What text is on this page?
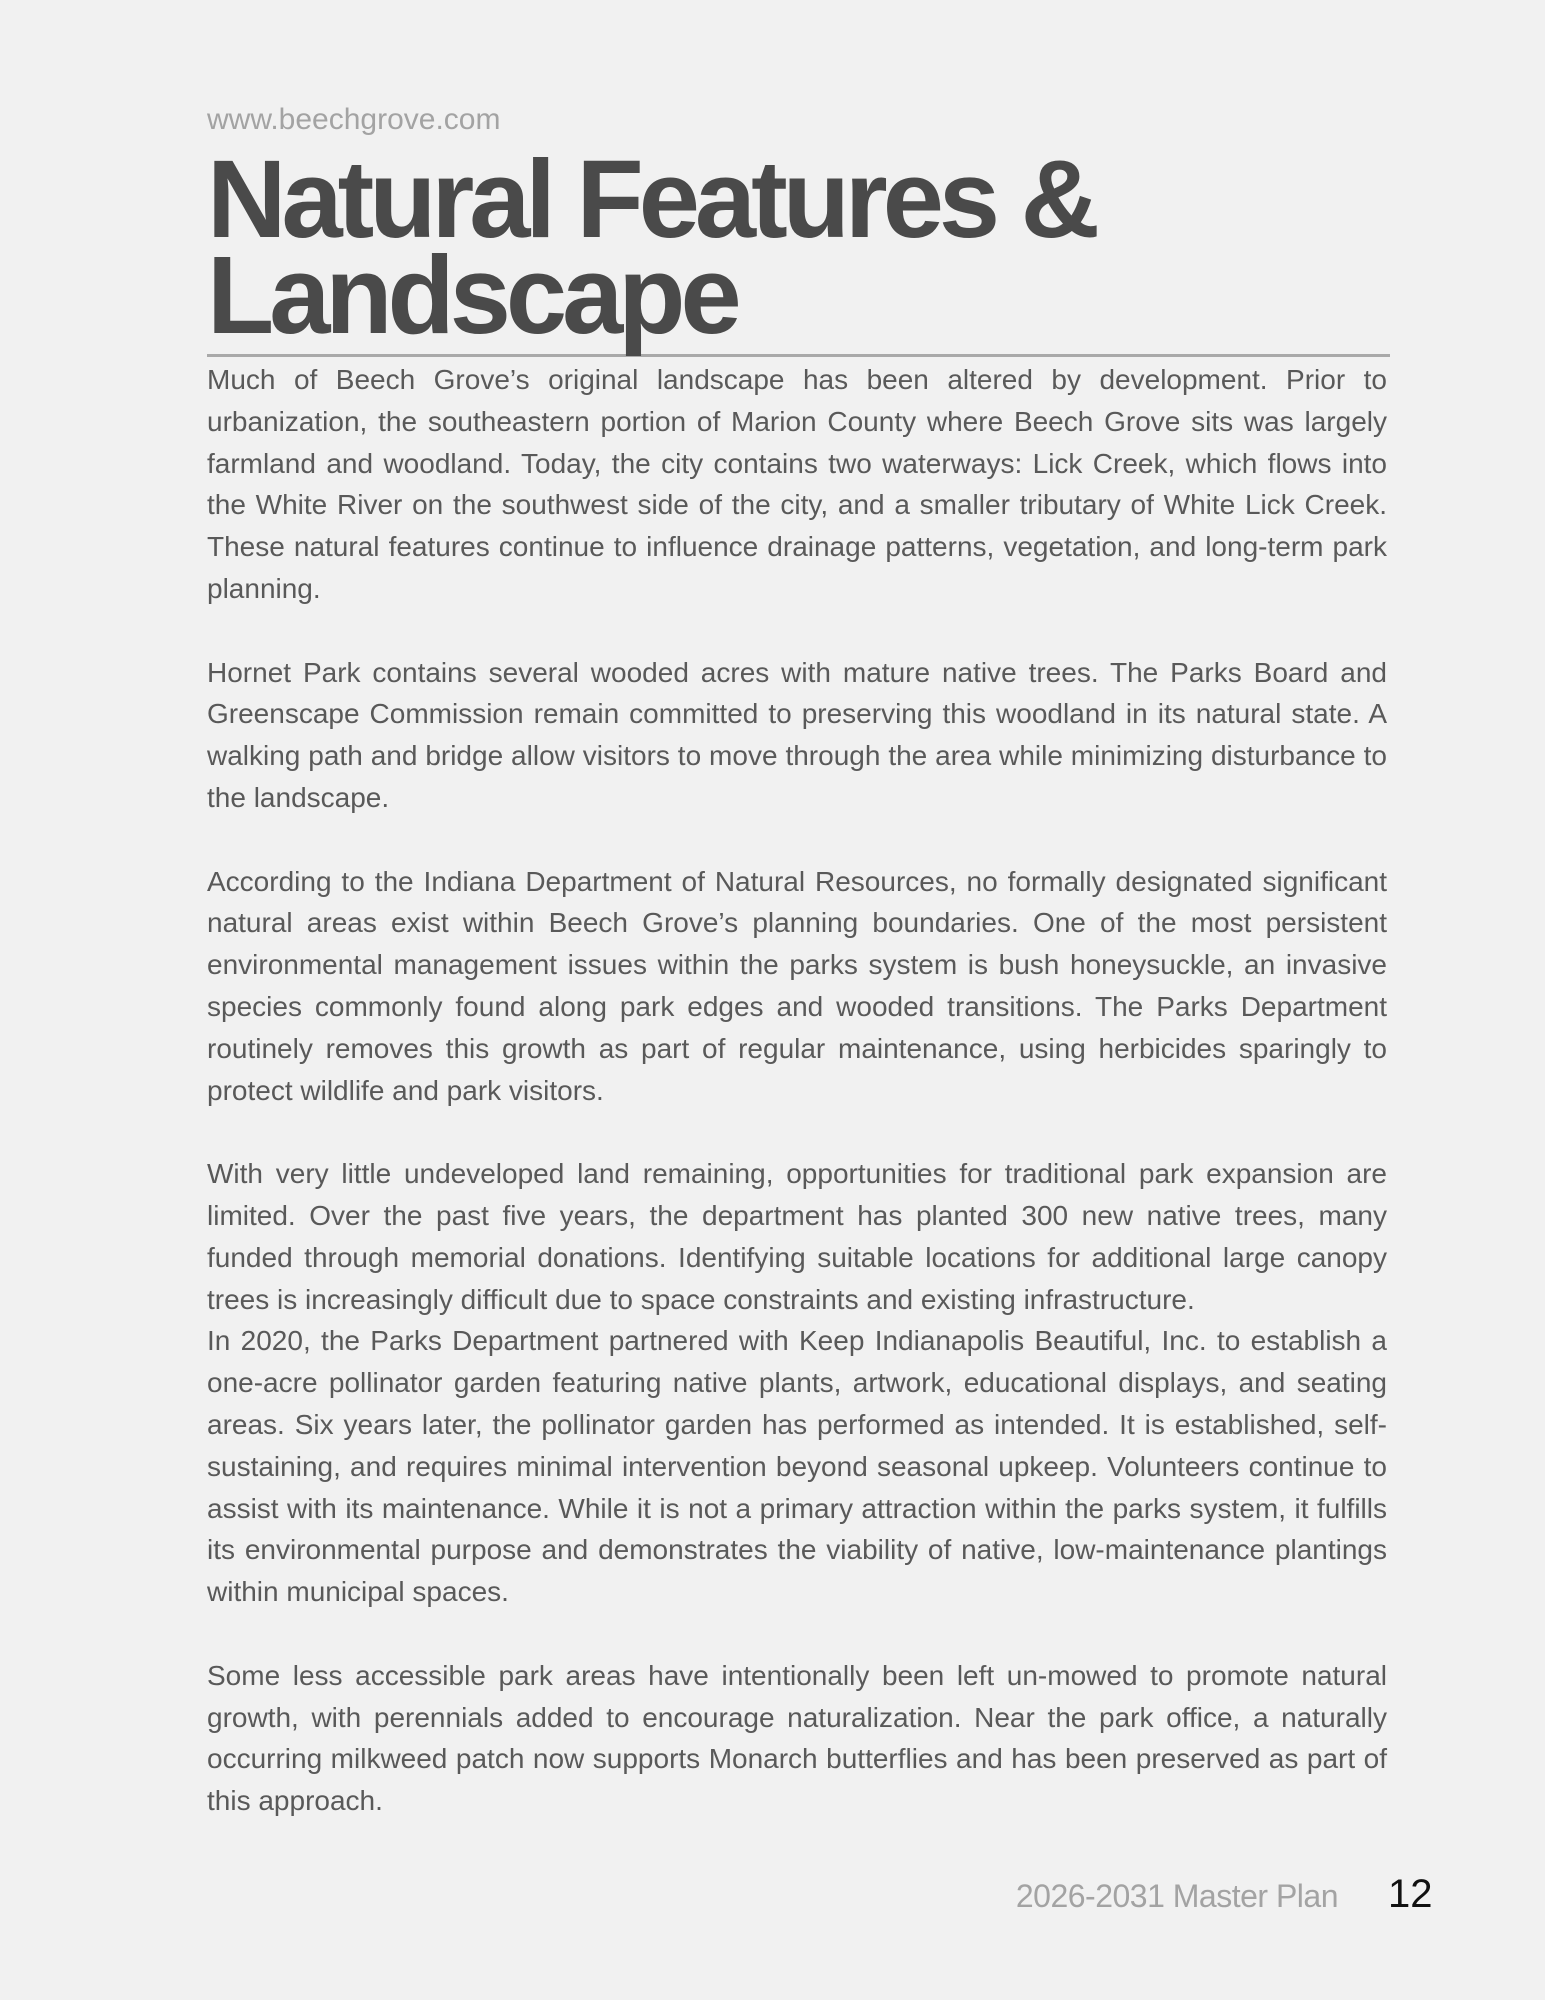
www.beechgrove.com

Natural Features &
Landscape

Much of Beech Grove’s original landscape has been altered by development. Prior to urbanization, the southeastern portion of Marion County where Beech Grove sits was largely farmland and woodland. Today, the city contains two waterways: Lick Creek, which flows into the White River on the southwest side of the city, and a smaller tributary of White Lick Creek. These natural features continue to influence drainage patterns, vegetation, and long-term park planning.

Hornet Park contains several wooded acres with mature native trees. The Parks Board and Greenscape Commission remain committed to preserving this woodland in its natural state. A walking path and bridge allow visitors to move through the area while minimizing disturbance to the landscape.

According to the Indiana Department of Natural Resources, no formally designated significant natural areas exist within Beech Grove’s planning boundaries. One of the most persistent environmental management issues within the parks system is bush honeysuckle, an invasive species commonly found along park edges and wooded transitions. The Parks Department routinely removes this growth as part of regular maintenance, using herbicides sparingly to protect wildlife and park visitors.

With very little undeveloped land remaining, opportunities for traditional park expansion are limited. Over the past five years, the department has planted 300 new native trees, many funded through memorial donations. Identifying suitable locations for additional large canopy trees is increasingly difficult due to space constraints and existing infrastructure.

In 2020, the Parks Department partnered with Keep Indianapolis Beautiful, Inc. to establish a one-acre pollinator garden featuring native plants, artwork, educational displays, and seating areas. Six years later, the pollinator garden has performed as intended. It is established, self-sustaining, and requires minimal intervention beyond seasonal upkeep. Volunteers continue to assist with its maintenance. While it is not a primary attraction within the parks system, it fulfills its environmental purpose and demonstrates the viability of native, low-maintenance plantings within municipal spaces.

Some less accessible park areas have intentionally been left un-mowed to promote natural growth, with perennials added to encourage naturalization. Near the park office, a naturally occurring milkweed patch now supports Monarch butterflies and has been preserved as part of this approach.

2026-2031 Master Plan 12
